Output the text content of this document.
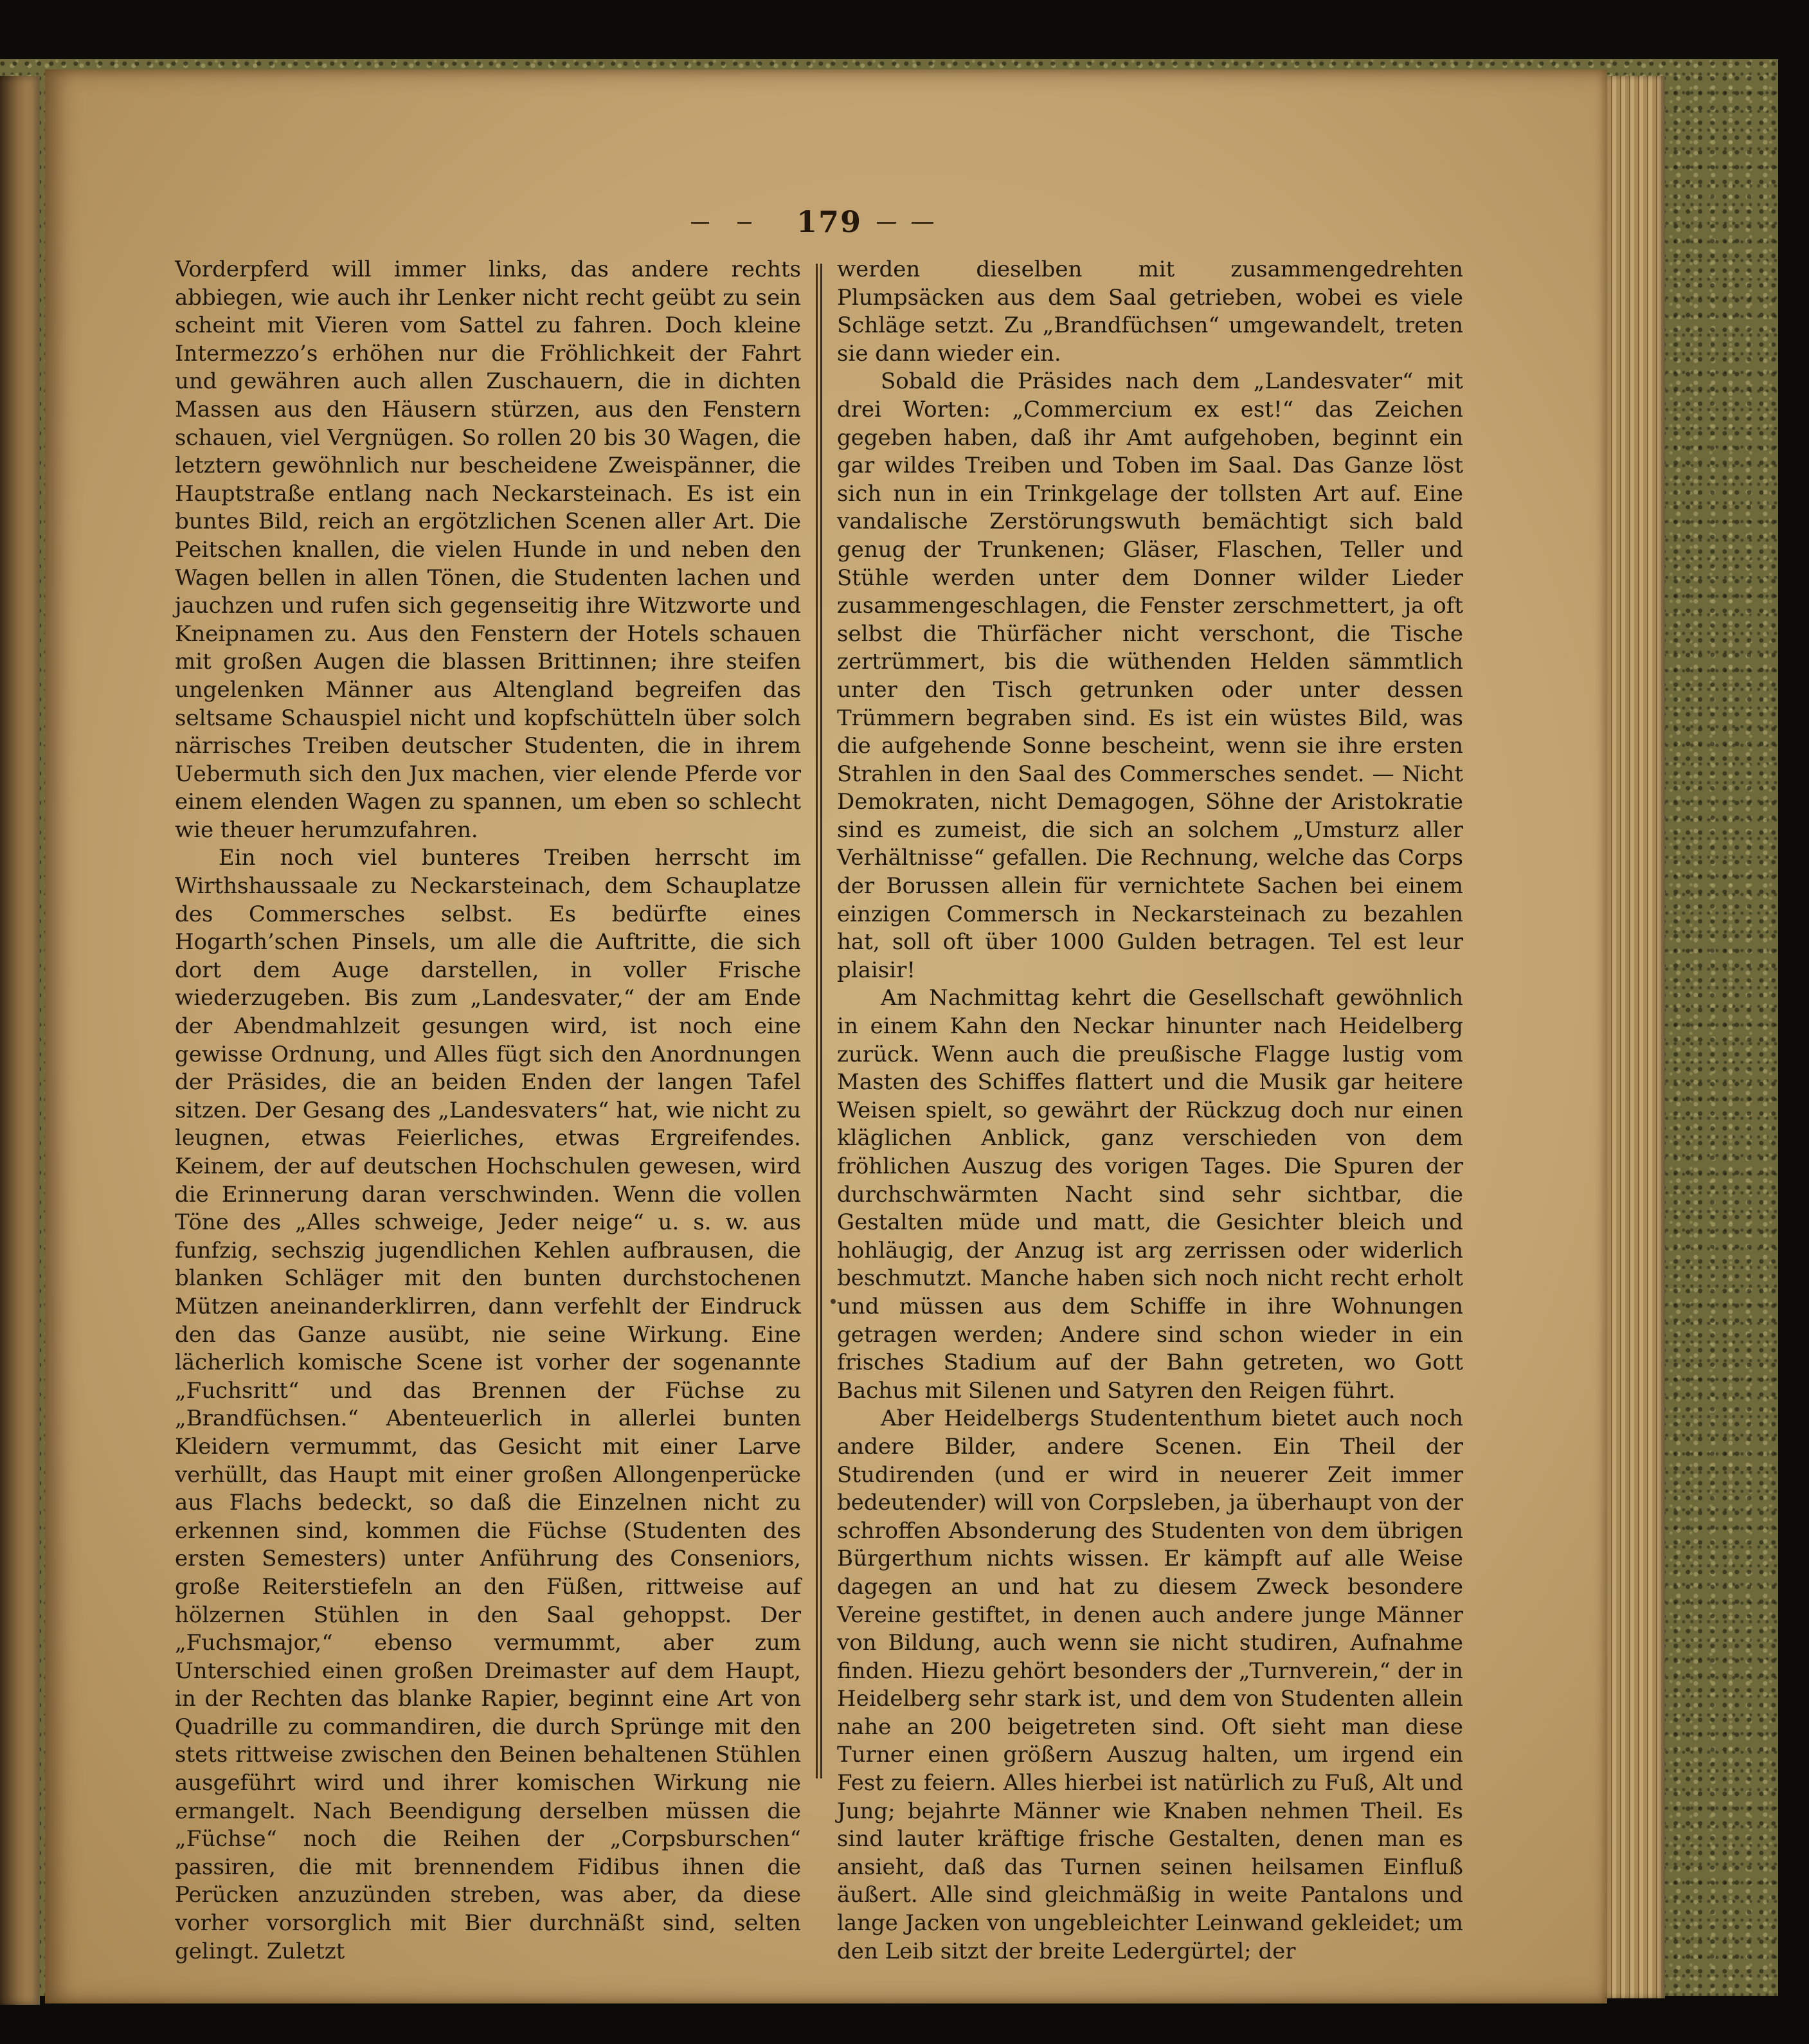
179

Vorderpferd will immer links, das andere rechts abbiegen, wie auch ihr Lenker nicht recht geübt zu sein scheint mit Vieren vom Sattel zu fahren. Doch kleine Intermezzo’s erhöhen nur die Fröhlichkeit der Fahrt und gewähren auch allen Zuschauern, die in dichten Massen aus den Häusern stürzen, aus den Fenstern schauen, viel Vergnügen. So rollen 20 bis 30 Wagen, die letztern gewöhnlich nur bescheidene Zweispänner, die Hauptstraße entlang nach Neckarsteinach. Es ist ein buntes Bild, reich an ergötzlichen Scenen aller Art. Die Peitschen knallen, die vielen Hunde in und neben den Wagen bellen in allen Tönen, die Studenten lachen und jauchzen und rufen sich gegenseitig ihre Witzworte und Kneipnamen zu. Aus den Fenstern der Hotels schauen mit großen Augen die blassen Brittinnen; ihre steifen ungelenken Männer aus Altengland begreifen das seltsame Schauspiel nicht und kopfschütteln über solch närrisches Treiben deutscher Studenten, die in ihrem Uebermuth sich den Jux machen, vier elende Pferde vor einem elenden Wagen zu spannen, um eben so schlecht wie theuer herumzufahren.

Ein noch viel bunteres Treiben herrscht im Wirthshaussaale zu Neckarsteinach, dem Schauplatze des Commersches selbst. Es bedürfte eines Hogarth’schen Pinsels, um alle die Auftritte, die sich dort dem Auge darstellen, in voller Frische wiederzugeben. Bis zum „Landesvater,“ der am Ende der Abendmahlzeit gesungen wird, ist noch eine gewisse Ordnung, und Alles fügt sich den Anordnungen der Präsides, die an beiden Enden der langen Tafel sitzen. Der Gesang des „Landesvaters“ hat, wie nicht zu leugnen, etwas Feierliches, etwas Ergreifendes. Keinem, der auf deutschen Hochschulen gewesen, wird die Erinnerung daran verschwinden. Wenn die vollen Töne des „Alles schweige, Jeder neige“ u. s. w. aus funfzig, sechszig jugendlichen Kehlen aufbrausen, die blanken Schläger mit den bunten durchstochenen Mützen aneinanderklirren, dann verfehlt der Eindruck den das Ganze ausübt, nie seine Wirkung. Eine lächerlich komische Scene ist vorher der sogenannte „Fuchsritt“ und das Brennen der Füchse zu „Brandfüchsen.“ Abenteuerlich in allerlei bunten Kleidern vermummt, das Gesicht mit einer Larve verhüllt, das Haupt mit einer großen Allongenperücke aus Flachs bedeckt, so daß die Einzelnen nicht zu erkennen sind, kommen die Füchse (Studenten des ersten Semesters) unter Anführung des Conseniors, große Reiterstiefeln an den Füßen, rittweise auf hölzernen Stühlen in den Saal gehoppst. Der „Fuchsmajor,“ ebenso vermummt, aber zum Unterschied einen großen Dreimaster auf dem Haupt, in der Rechten das blanke Rapier, beginnt eine Art von Quadrille zu commandiren, die durch Sprünge mit den stets rittweise zwischen den Beinen behaltenen Stühlen ausgeführt wird und ihrer komischen Wirkung nie ermangelt. Nach Beendigung derselben müssen die „Füchse“ noch die Reihen der „Corpsburschen“ passiren, die mit brennendem Fidibus ihnen die Perücken anzuzünden streben, was aber, da diese vorher vorsorglich mit Bier durchnäßt sind, selten gelingt. Zuletzt

werden dieselben mit zusammengedrehten Plumpsäcken aus dem Saal getrieben, wobei es viele Schläge setzt. Zu „Brandfüchsen“ umgewandelt, treten sie dann wieder ein.

Sobald die Präsides nach dem „Landesvater“ mit drei Worten: „Commercium ex est!“ das Zeichen gegeben haben, daß ihr Amt aufgehoben, beginnt ein gar wildes Treiben und Toben im Saal. Das Ganze löst sich nun in ein Trinkgelage der tollsten Art auf. Eine vandalische Zerstörungswuth bemächtigt sich bald genug der Trunkenen; Gläser, Flaschen, Teller und Stühle werden unter dem Donner wilder Lieder zusammengeschlagen, die Fenster zerschmettert, ja oft selbst die Thürfächer nicht verschont, die Tische zertrümmert, bis die wüthenden Helden sämmtlich unter den Tisch getrunken oder unter dessen Trümmern begraben sind. Es ist ein wüstes Bild, was die aufgehende Sonne bescheint, wenn sie ihre ersten Strahlen in den Saal des Commersches sendet. — Nicht Demokraten, nicht Demagogen, Söhne der Aristokratie sind es zumeist, die sich an solchem „Umsturz aller Verhältnisse“ gefallen. Die Rechnung, welche das Corps der Borussen allein für vernichtete Sachen bei einem einzigen Commersch in Neckarsteinach zu bezahlen hat, soll oft über 1000 Gulden betragen. Tel est leur plaisir!

Am Nachmittag kehrt die Gesellschaft gewöhnlich in einem Kahn den Neckar hinunter nach Heidelberg zurück. Wenn auch die preußische Flagge lustig vom Masten des Schiffes flattert und die Musik gar heitere Weisen spielt, so gewährt der Rückzug doch nur einen kläglichen Anblick, ganz verschieden von dem fröhlichen Auszug des vorigen Tages. Die Spuren der durchschwärmten Nacht sind sehr sichtbar, die Gestalten müde und matt, die Gesichter bleich und hohläugig, der Anzug ist arg zerrissen oder widerlich beschmutzt. Manche haben sich noch nicht recht erholt und müssen aus dem Schiffe in ihre Wohnungen getragen werden; Andere sind schon wieder in ein frisches Stadium auf der Bahn getreten, wo Gott Bachus mit Silenen und Satyren den Reigen führt.

Aber Heidelbergs Studententhum bietet auch noch andere Bilder, andere Scenen. Ein Theil der Studirenden (und er wird in neuerer Zeit immer bedeutender) will von Corpsleben, ja überhaupt von der schroffen Absonderung des Studenten von dem übrigen Bürgerthum nichts wissen. Er kämpft auf alle Weise dagegen an und hat zu diesem Zweck besondere Vereine gestiftet, in denen auch andere junge Männer von Bildung, auch wenn sie nicht studiren, Aufnahme finden. Hiezu gehört besonders der „Turnverein,“ der in Heidelberg sehr stark ist, und dem von Studenten allein nahe an 200 beigetreten sind. Oft sieht man diese Turner einen größern Auszug halten, um irgend ein Fest zu feiern. Alles hierbei ist natürlich zu Fuß, Alt und Jung; bejahrte Männer wie Knaben nehmen Theil. Es sind lauter kräftige frische Gestalten, denen man es ansieht, daß das Turnen seinen heilsamen Einfluß äußert. Alle sind gleichmäßig in weite Pantalons und lange Jacken von ungebleichter Leinwand gekleidet; um den Leib sitzt der breite Ledergürtel; der
